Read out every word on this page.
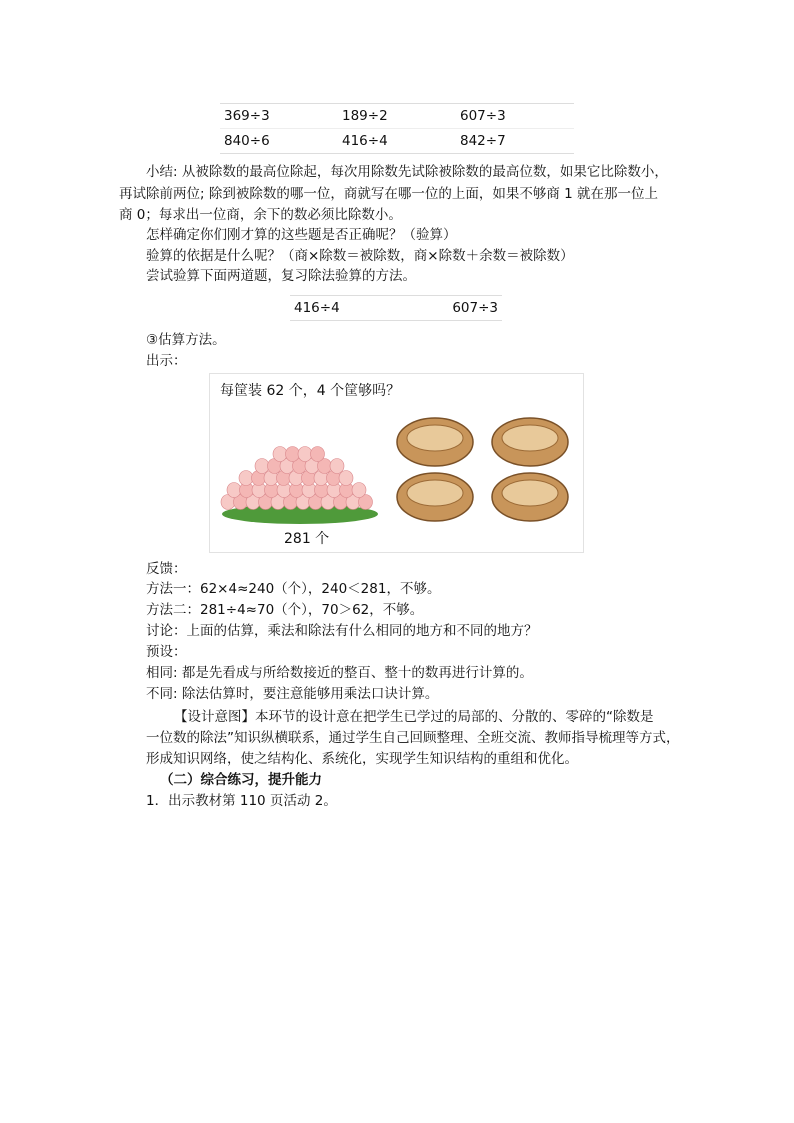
369÷3	189÷2	607÷3
840÷6	416÷4	842÷7
小结: 从被除数的最高位除起，每次用除数先试除被除数的最高位数，如果它比除数小，
再试除前两位; 除到被除数的哪一位，商就写在哪一位的上面，如果不够商 1 就在那一位上
商 0；每求出一位商，余下的数必须比除数小。
怎样确定你们刚才算的这些题是否正确呢？（验算）
验算的依据是什么呢？（商×除数＝被除数，商×除数＋余数＝被除数）
尝试验算下面两道题，复习除法验算的方法。
416÷4	607÷3
③估算方法。
出示：
每筐装 62 个，4 个筐够吗？
281 个
反馈：
方法一：62×4≈240（个），240＜281，不够。
方法二：281÷4≈70（个），70＞62，不够。
讨论：上面的估算，乘法和除法有什么相同的地方和不同的地方？
预设：
相同: 都是先看成与所给数接近的整百、整十的数再进行计算的。
不同: 除法估算时，要注意能够用乘法口诀计算。
【设计意图】本环节的设计意在把学生已学过的局部的、分散的、零碎的“除数是
一位数的除法”知识纵横联系，通过学生自己回顾整理、全班交流、教师指导梳理等方式，
形成知识网络，使之结构化、系统化，实现学生知识结构的重组和优化。
（二）综合练习，提升能力
1．出示教材第 110 页活动 2。
